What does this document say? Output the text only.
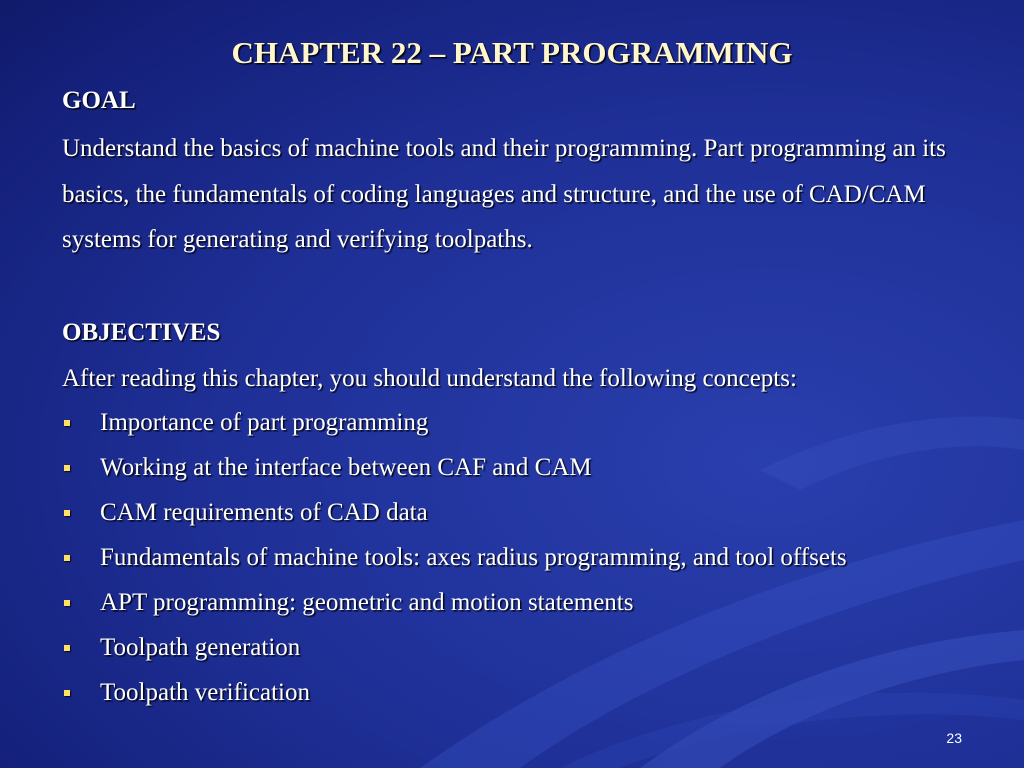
CHAPTER 22 – PART PROGRAMMING
GOAL
Understand the basics of machine tools and their programming. Part programming an its basics, the fundamentals of coding languages and structure, and the use of CAD/CAM systems for generating and verifying toolpaths.
OBJECTIVES
After reading this chapter, you should understand the following concepts:
Importance of part programming
Working at the interface between CAF and CAM
CAM requirements of CAD data
Fundamentals of machine tools: axes radius programming, and tool offsets
APT programming: geometric and motion statements
Toolpath generation
Toolpath verification
23
